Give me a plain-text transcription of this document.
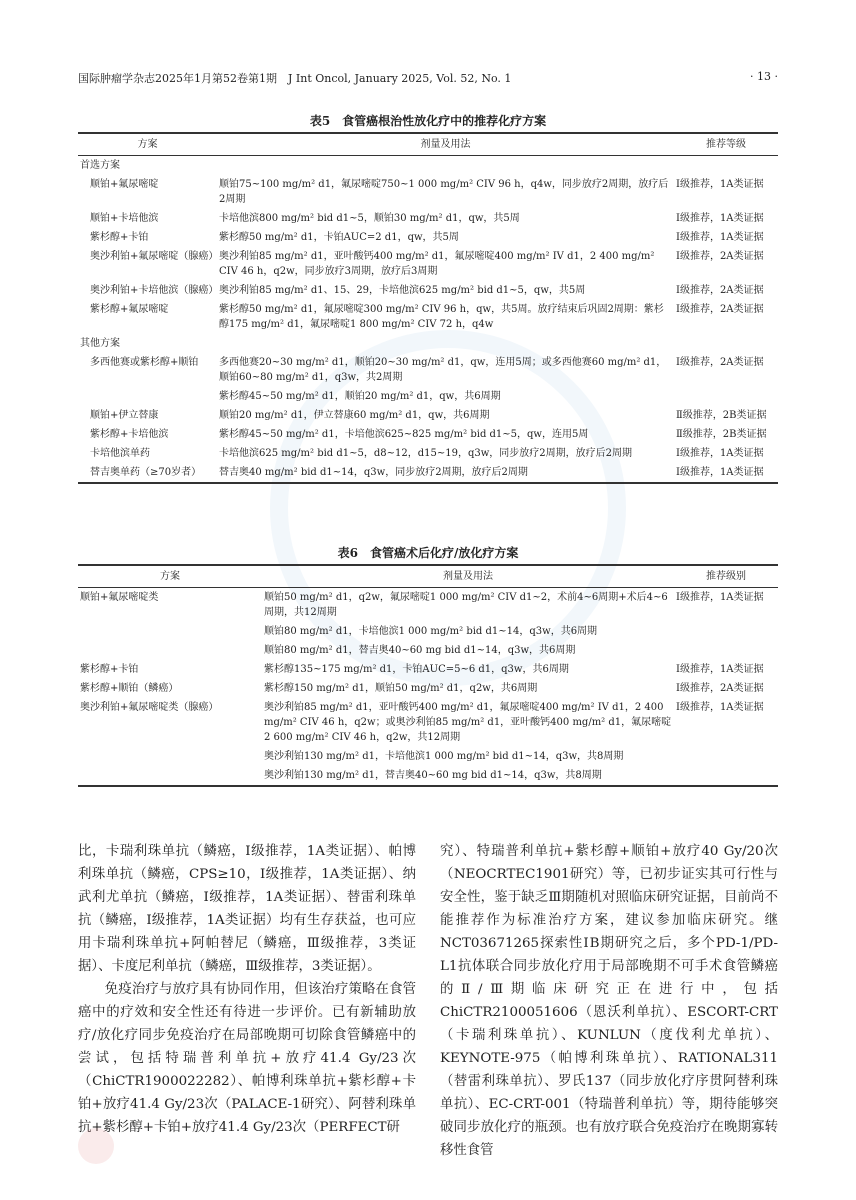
国际肿瘤学杂志2025年1月第52卷第1期　J Int Oncol, January 2025, Vol. 52, No. 1	· 13 ·
表5　食管癌根治性放化疗中的推荐化疗方案
方案	剂量及用法	推荐等级
首选方案		
顺铂+氟尿嘧啶	顺铂75~100 mg/m² d1，氟尿嘧啶750~1 000 mg/m² CIV 96 h，q4w，同步放疗2周期，放疗后2周期	Ⅰ级推荐，1A类证据
顺铂+卡培他滨	卡培他滨800 mg/m² bid d1~5，顺铂30 mg/m² d1，qw，共5周	Ⅰ级推荐，1A类证据
紫杉醇+卡铂	紫杉醇50 mg/m² d1，卡铂AUC=2 d1，qw，共5周	Ⅰ级推荐，1A类证据
奥沙利铂+氟尿嘧啶（腺癌）	奥沙利铂85 mg/m² d1，亚叶酸钙400 mg/m² d1，氟尿嘧啶400 mg/m² IV d1，2 400 mg/m² CIV 46 h，q2w，同步放疗3周期，放疗后3周期	Ⅰ级推荐，2A类证据
奥沙利铂+卡培他滨（腺癌）	奥沙利铂85 mg/m² d1、15、29，卡培他滨625 mg/m² bid d1~5，qw，共5周	Ⅰ级推荐，2A类证据
紫杉醇+氟尿嘧啶	紫杉醇50 mg/m² d1，氟尿嘧啶300 mg/m² CIV 96 h，qw，共5周。放疗结束后巩固2周期：紫杉醇175 mg/m² d1，氟尿嘧啶1 800 mg/m² CIV 72 h，q4w	Ⅰ级推荐，2A类证据
其他方案		
多西他赛或紫杉醇+顺铂	多西他赛20~30 mg/m² d1，顺铂20~30 mg/m² d1，qw，连用5周；或多西他赛60 mg/m² d1，顺铂60~80 mg/m² d1，q3w，共2周期	Ⅰ级推荐，2A类证据
	紫杉醇45~50 mg/m² d1，顺铂20 mg/m² d1，qw，共6周期	
顺铂+伊立替康	顺铂20 mg/m² d1，伊立替康60 mg/m² d1，qw，共6周期	Ⅱ级推荐，2B类证据
紫杉醇+卡培他滨	紫杉醇45~50 mg/m² d1，卡培他滨625~825 mg/m² bid d1~5，qw，连用5周	Ⅱ级推荐，2B类证据
卡培他滨单药	卡培他滨625 mg/m² bid d1~5，d8~12，d15~19，q3w，同步放疗2周期，放疗后2周期	Ⅰ级推荐，1A类证据
替吉奥单药（≥70岁者）	替吉奥40 mg/m² bid d1~14，q3w，同步放疗2周期，放疗后2周期	Ⅰ级推荐，1A类证据
表6　食管癌术后化疗/放化疗方案
方案	剂量及用法	推荐级别
顺铂+氟尿嘧啶类	顺铂50 mg/m² d1，q2w，氟尿嘧啶1 000 mg/m² CIV d1~2，术前4~6周期+术后4~6周期，共12周期	Ⅰ级推荐，1A类证据
	顺铂80 mg/m² d1，卡培他滨1 000 mg/m² bid d1~14，q3w，共6周期	
	顺铂80 mg/m² d1，替吉奥40~60 mg bid d1~14，q3w，共6周期	
紫杉醇+卡铂	紫杉醇135~175 mg/m² d1，卡铂AUC=5~6 d1，q3w，共6周期	Ⅰ级推荐，1A类证据
紫杉醇+顺铂（鳞癌）	紫杉醇150 mg/m² d1，顺铂50 mg/m² d1，q2w，共6周期	Ⅰ级推荐，2A类证据
奥沙利铂+氟尿嘧啶类（腺癌）	奥沙利铂85 mg/m² d1，亚叶酸钙400 mg/m² d1，氟尿嘧啶400 mg/m² IV d1，2 400 mg/m² CIV 46 h，q2w；或奥沙利铂85 mg/m² d1，亚叶酸钙400 mg/m² d1，氟尿嘧啶2 600 mg/m² CIV 46 h，q2w，共12周期	Ⅰ级推荐，1A类证据
	奥沙利铂130 mg/m² d1，卡培他滨1 000 mg/m² bid d1~14，q3w，共8周期	
	奥沙利铂130 mg/m² d1，替吉奥40~60 mg bid d1~14，q3w，共8周期	

比，卡瑞利珠单抗（鳞癌，Ⅰ级推荐，1A类证据）、帕博利珠单抗（鳞癌，CPS≥10，Ⅰ级推荐，1A类证据）、纳武利尤单抗（鳞癌，Ⅰ级推荐，1A类证据）、替雷利珠单抗（鳞癌，Ⅰ级推荐，1A类证据）均有生存获益，也可应用卡瑞利珠单抗+阿帕替尼（鳞癌，Ⅲ级推荐，3类证据）、卡度尼利单抗（鳞癌，Ⅲ级推荐，3类证据）。

免疫治疗与放疗具有协同作用，但该治疗策略在食管癌中的疗效和安全性还有待进一步评价。已有新辅助放疗/放化疗同步免疫治疗在局部晚期可切除食管鳞癌中的尝试，包括特瑞普利单抗+放疗41.4 Gy/23次（ChiCTR1900022282）、帕博利珠单抗+紫杉醇+卡铂+放疗41.4 Gy/23次（PALACE-1研究）、阿替利珠单抗+紫杉醇+卡铂+放疗41.4 Gy/23次（PERFECT研

究）、特瑞普利单抗+紫杉醇+顺铂+放疗40 Gy/20次（NEOCRTEC1901研究）等，已初步证实其可行性与安全性，鉴于缺乏Ⅲ期随机对照临床研究证据，目前尚不能推荐作为标准治疗方案，建议参加临床研究。继NCT03671265探索性ⅠB期研究之后，多个PD-1/PD-L1抗体联合同步放化疗用于局部晚期不可手术食管鳞癌的Ⅱ/Ⅲ期临床研究正在进行中，包括ChiCTR2100051606（恩沃利单抗）、ESCORT-CRT（卡瑞利珠单抗）、KUNLUN（度伐利尤单抗）、KEYNOTE-975（帕博利珠单抗）、RATIONAL311（替雷利珠单抗）、罗氏137（同步放化疗序贯阿替利珠单抗）、EC-CRT-001（特瑞普利单抗）等，期待能够突破同步放化疗的瓶颈。也有放疗联合免疫治疗在晚期寡转移性食管
